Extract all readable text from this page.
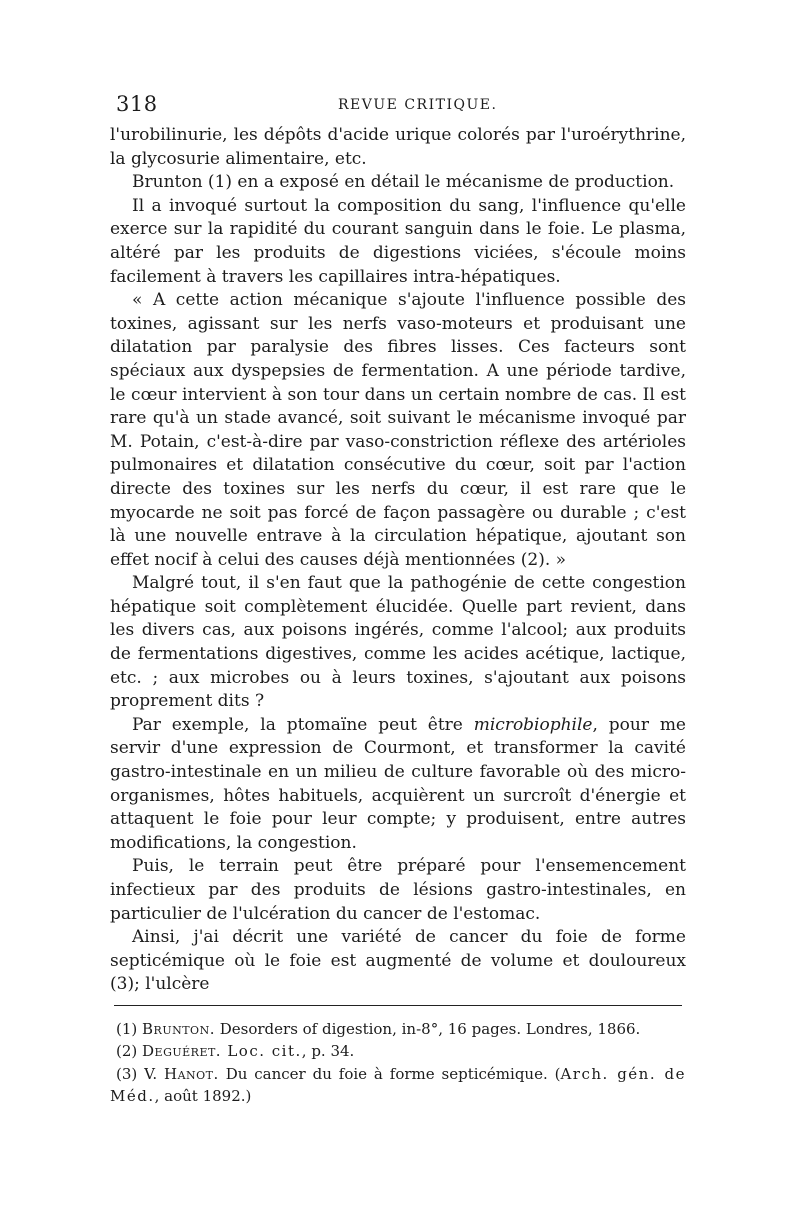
318	REVUE CRITIQUE.

l'urobilinurie, les dépôts d'acide urique colorés par l'uroérythrine, la glycosurie alimentaire, etc.

Brunton (1) en a exposé en détail le mécanisme de production.

Il a invoqué surtout la composition du sang, l'influence qu'elle exerce sur la rapidité du courant sanguin dans le foie. Le plasma, altéré par les produits de digestions viciées, s'écoule moins facilement à travers les capillaires intra-hépatiques.

« A cette action mécanique s'ajoute l'influence possible des toxines, agissant sur les nerfs vaso-moteurs et produisant une dilatation par paralysie des fibres lisses. Ces facteurs sont spéciaux aux dyspepsies de fermentation. A une période tardive, le cœur intervient à son tour dans un certain nombre de cas. Il est rare qu'à un stade avancé, soit suivant le mécanisme invoqué par M. Potain, c'est-à-dire par vaso-constriction réflexe des artérioles pulmonaires et dilatation consécutive du cœur, soit par l'action directe des toxines sur les nerfs du cœur, il est rare que le myocarde ne soit pas forcé de façon passagère ou durable ; c'est là une nouvelle entrave à la circulation hépatique, ajoutant son effet nocif à celui des causes déjà mentionnées (2). »

Malgré tout, il s'en faut que la pathogénie de cette congestion hépatique soit complètement élucidée. Quelle part revient, dans les divers cas, aux poisons ingérés, comme l'alcool; aux produits de fermentations digestives, comme les acides acétique, lactique, etc. ; aux microbes ou à leurs toxines, s'ajoutant aux poisons proprement dits ?

Par exemple, la ptomaïne peut être microbiophile, pour me servir d'une expression de Courmont, et transformer la cavité gastro-intestinale en un milieu de culture favorable où des micro-organismes, hôtes habituels, acquièrent un surcroît d'énergie et attaquent le foie pour leur compte; y produisent, entre autres modifications, la congestion.

Puis, le terrain peut être préparé pour l'ensemencement infectieux par des produits de lésions gastro-intestinales, en particulier de l'ulcération du cancer de l'estomac.

Ainsi, j'ai décrit une variété de cancer du foie de forme septicémique où le foie est augmenté de volume et douloureux (3); l'ulcère

(1) Brunton. Desorders of digestion, in-8°, 16 pages. Londres, 1866.

(2) Deguéret. Loc. cit., p. 34.

(3) V. Hanot. Du cancer du foie à forme septicémique. (Arch. gén. de Méd., août 1892.)
